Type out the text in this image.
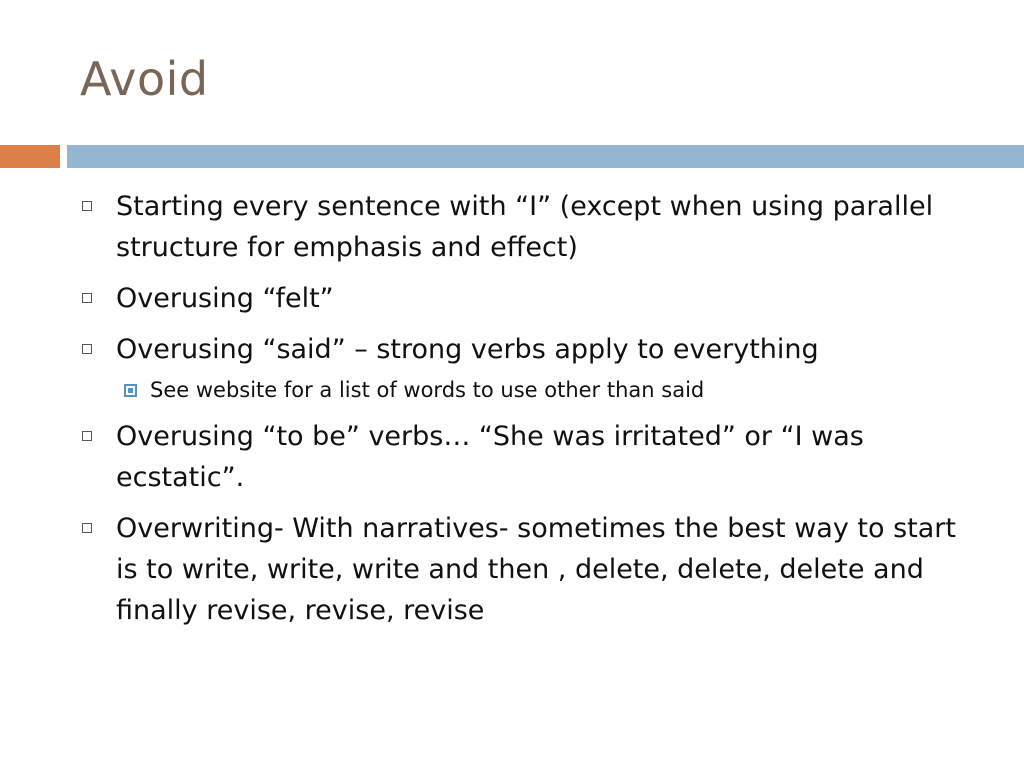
Avoid
Starting every sentence with “I” (except when using parallel structure for emphasis and effect)
Overusing “felt”
Overusing “said” – strong verbs apply to everything
See website for a list of words to use other than said
Overusing “to be” verbs… “She was irritated” or “I was ecstatic”.
Overwriting- With narratives- sometimes the best way to start is to write, write, write and then , delete, delete, delete and finally revise, revise, revise
